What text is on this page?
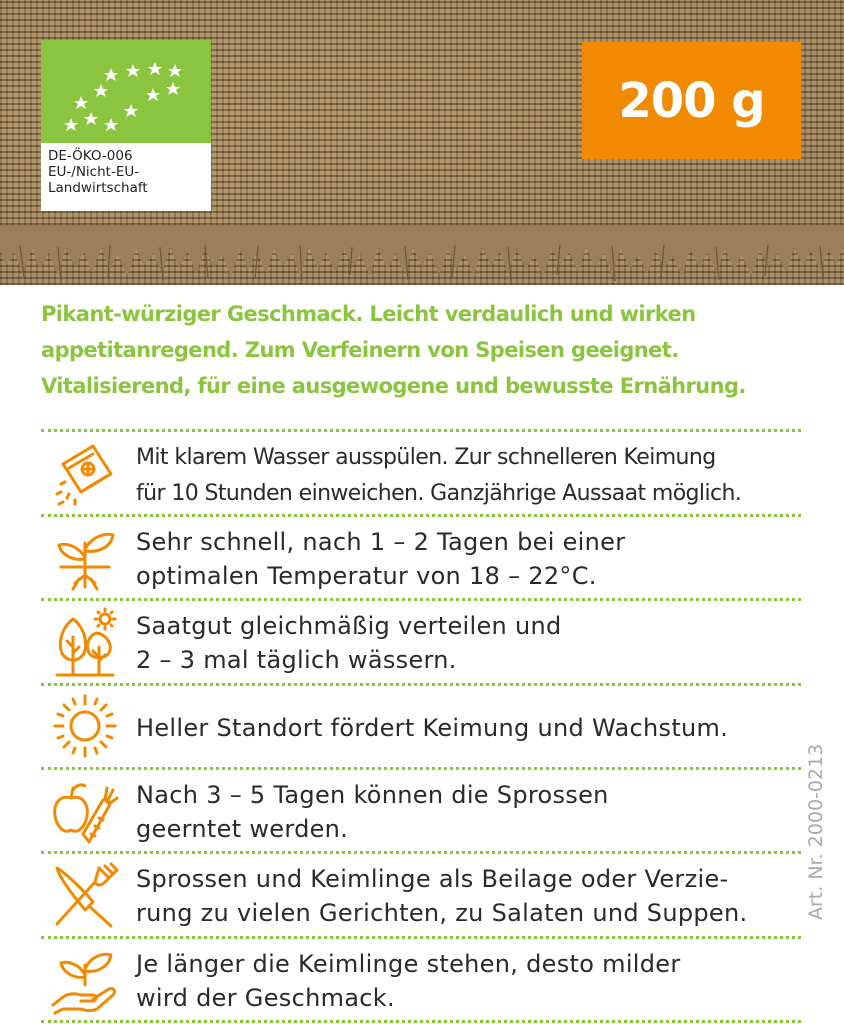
DE-ÖKO-006
EU-/Nicht-EU-
Landwirtschaft
200 g
Pikant-würziger Geschmack. Leicht verdaulich und wirken
appetitanregend. Zum Verfeinern von Speisen geeignet.
Vitalisierend, für eine ausgewogene und bewusste Ernährung.
Mit klarem Wasser ausspülen. Zur schnelleren Keimung
für 10 Stunden einweichen. Ganzjährige Aussaat möglich.
Sehr schnell, nach 1 – 2 Tagen bei einer
optimalen Temperatur von 18 – 22°C.
Saatgut gleichmäßig verteilen und
2 – 3 mal täglich wässern.
Heller Standort fördert Keimung und Wachstum.
Nach 3 – 5 Tagen können die Sprossen
geerntet werden.
Sprossen und Keimlinge als Beilage oder Verzie-
rung zu vielen Gerichten, zu Salaten und Suppen.
Je länger die Keimlinge stehen, desto milder
wird der Geschmack.
Art. Nr. 2000-0213
